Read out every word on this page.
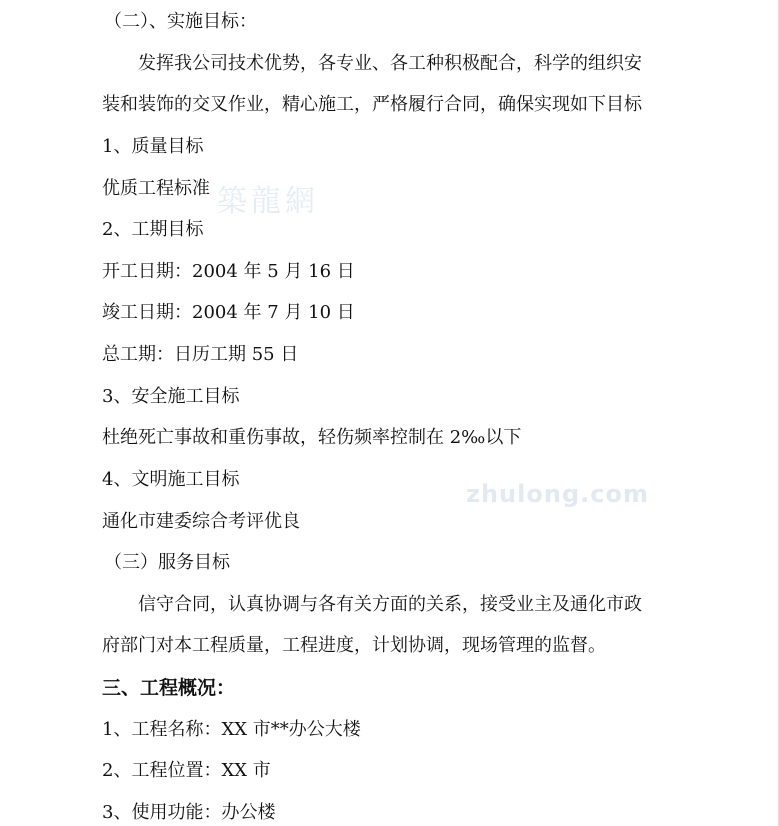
築龍網
zhulong.com
（二）、实施目标：
发挥我公司技术优势，各专业、各工种积极配合，科学的组织安
装和装饰的交叉作业，精心施工，严格履行合同，确保实现如下目标
1、质量目标
优质工程标准
2、工期目标
开工日期：2004 年 5 月 16 日
竣工日期：2004 年 7 月 10 日
总工期：日历工期 55 日
3、安全施工目标
杜绝死亡事故和重伤事故，轻伤频率控制在 2‰以下
4、文明施工目标
通化市建委综合考评优良
（三）服务目标
信守合同，认真协调与各有关方面的关系，接受业主及通化市政
府部门对本工程质量，工程进度，计划协调，现场管理的监督。
三、工程概况：
1、工程名称：XX 市**办公大楼
2、工程位置：XX 市
3、使用功能：办公楼
